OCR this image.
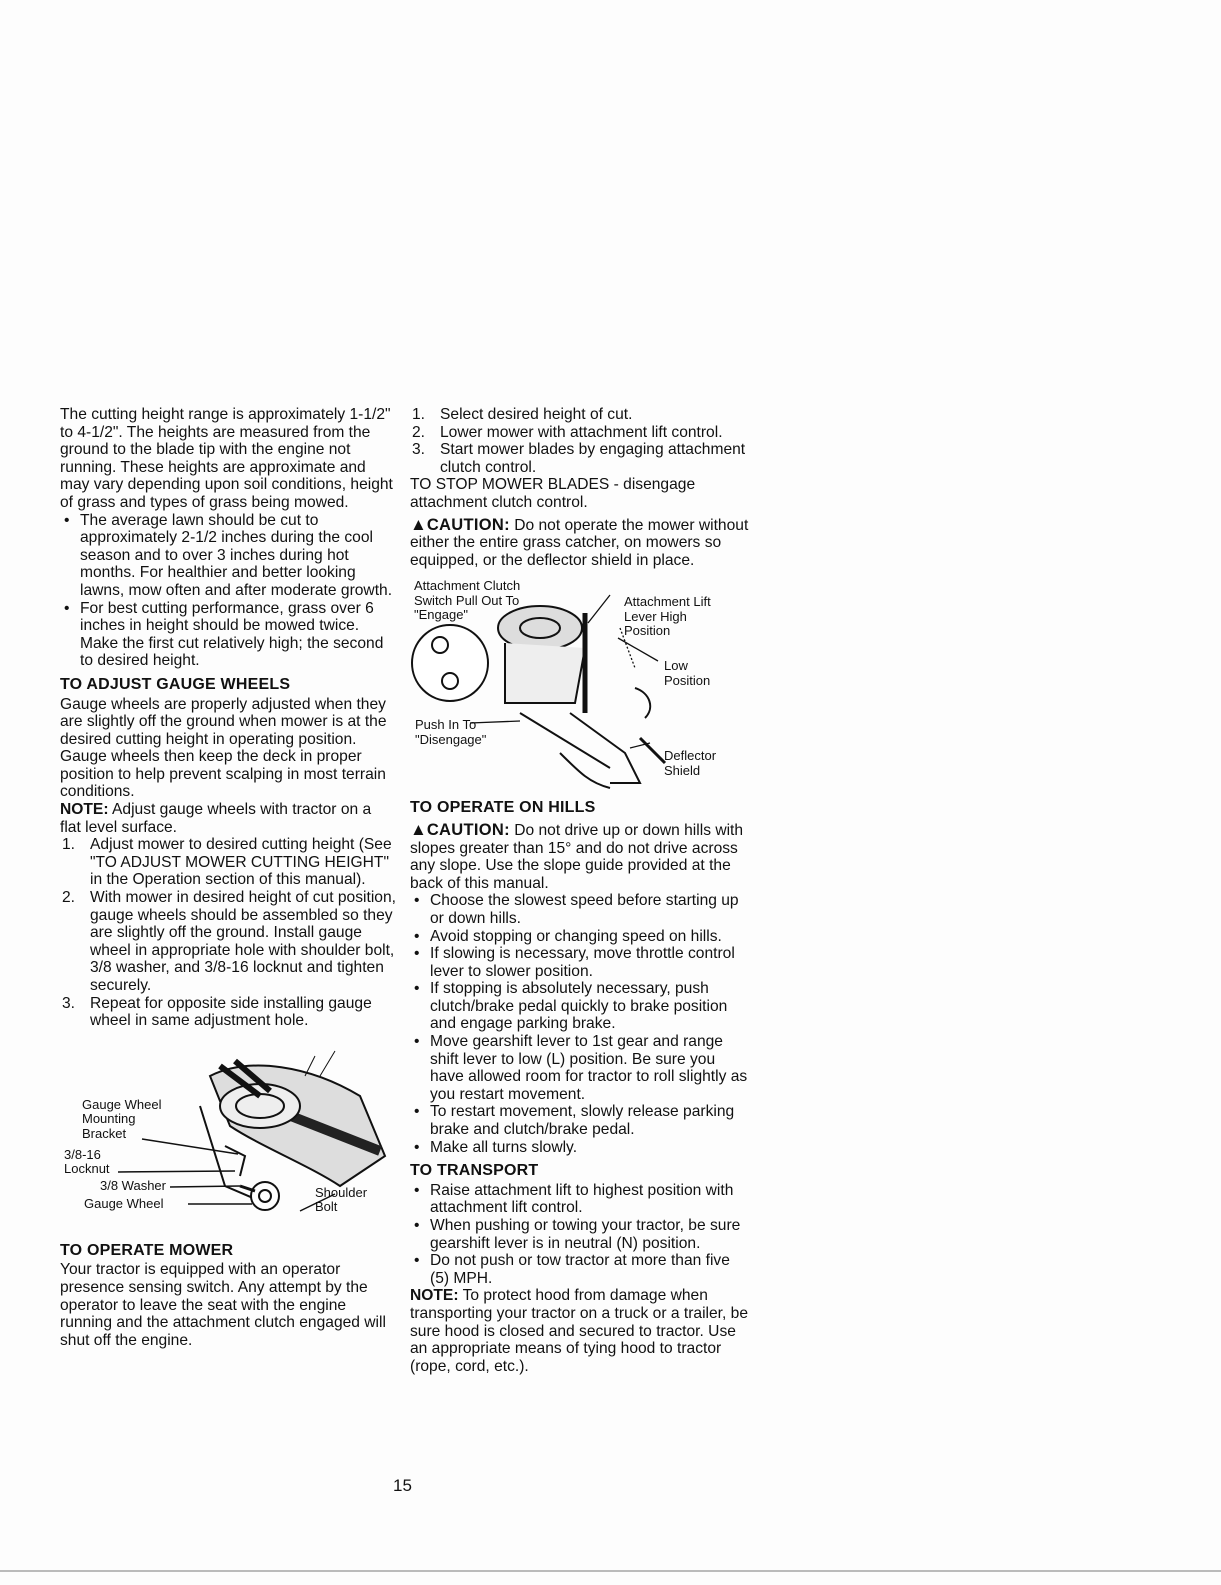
The cutting height range is approximately 1-1/2" to 4-1/2". The heights are measured from the ground to the blade tip with the engine not running. These heights are approximate and may vary depending upon soil conditions, height of grass and types of grass being mowed.

• The average lawn should be cut to approximately 2-1/2 inches during the cool season and to over 3 inches during hot months. For healthier and better looking lawns, mow often and after moderate growth.
• For best cutting performance, grass over 6 inches in height should be mowed twice. Make the first cut relatively high; the second to desired height.
TO ADJUST GAUGE WHEELS

Gauge wheels are properly adjusted when they are slightly off the ground when mower is at the desired cutting height in operating position. Gauge wheels then keep the deck in proper position to help prevent scalping in most terrain conditions.

NOTE: Adjust gauge wheels with tractor on a flat level surface.

1. Adjust mower to desired cutting height (See "TO ADJUST MOWER CUTTING HEIGHT" in the Operation section of this manual).
2. With mower in desired height of cut position, gauge wheels should be assembled so they are slightly off the ground. Install gauge wheel in appropriate hole with shoulder bolt, 3/8 washer, and 3/8-16 locknut and tighten securely.
3. Repeat for opposite side installing gauge wheel in same adjustment hole.
Gauge Wheel
Mounting
Bracket
3/8-16
Locknut
3/8 Washer
Gauge Wheel
Shoulder
Bolt
TO OPERATE MOWER

Your tractor is equipped with an operator presence sensing switch. Any attempt by the operator to leave the seat with the engine running and the attachment clutch engaged will shut off the engine.

1. Select desired height of cut.
2. Lower mower with attachment lift control.
3. Start mower blades by engaging attachment clutch control.

TO STOP MOWER BLADES - disengage attachment clutch control.

▲CAUTION: Do not operate the mower without either the entire grass catcher, on mowers so equipped, or the deflector shield in place.

Attachment Clutch
Switch Pull Out To
"Engage"
Attachment Lift
Lever High
Position
Low
Position
Push In To
"Disengage"
Deflector
Shield
TO OPERATE ON HILLS

▲CAUTION: Do not drive up or down hills with slopes greater than 15° and do not drive across any slope. Use the slope guide provided at the back of this manual.

• Choose the slowest speed before starting up or down hills.
• Avoid stopping or changing speed on hills.
• If slowing is necessary, move throttle control lever to slower position.
• If stopping is absolutely necessary, push clutch/brake pedal quickly to brake position and engage parking brake.
• Move gearshift lever to 1st gear and range shift lever to low (L) position. Be sure you have allowed room for tractor to roll slightly as you restart movement.
• To restart movement, slowly release parking brake and clutch/brake pedal.
• Make all turns slowly.
TO TRANSPORT
• Raise attachment lift to highest position with attachment lift control.
• When pushing or towing your tractor, be sure gearshift lever is in neutral (N) position.
• Do not push or tow tractor at more than five (5) MPH.

NOTE: To protect hood from damage when transporting your tractor on a truck or a trailer, be sure hood is closed and secured to tractor. Use an appropriate means of tying hood to tractor (rope, cord, etc.).

15
